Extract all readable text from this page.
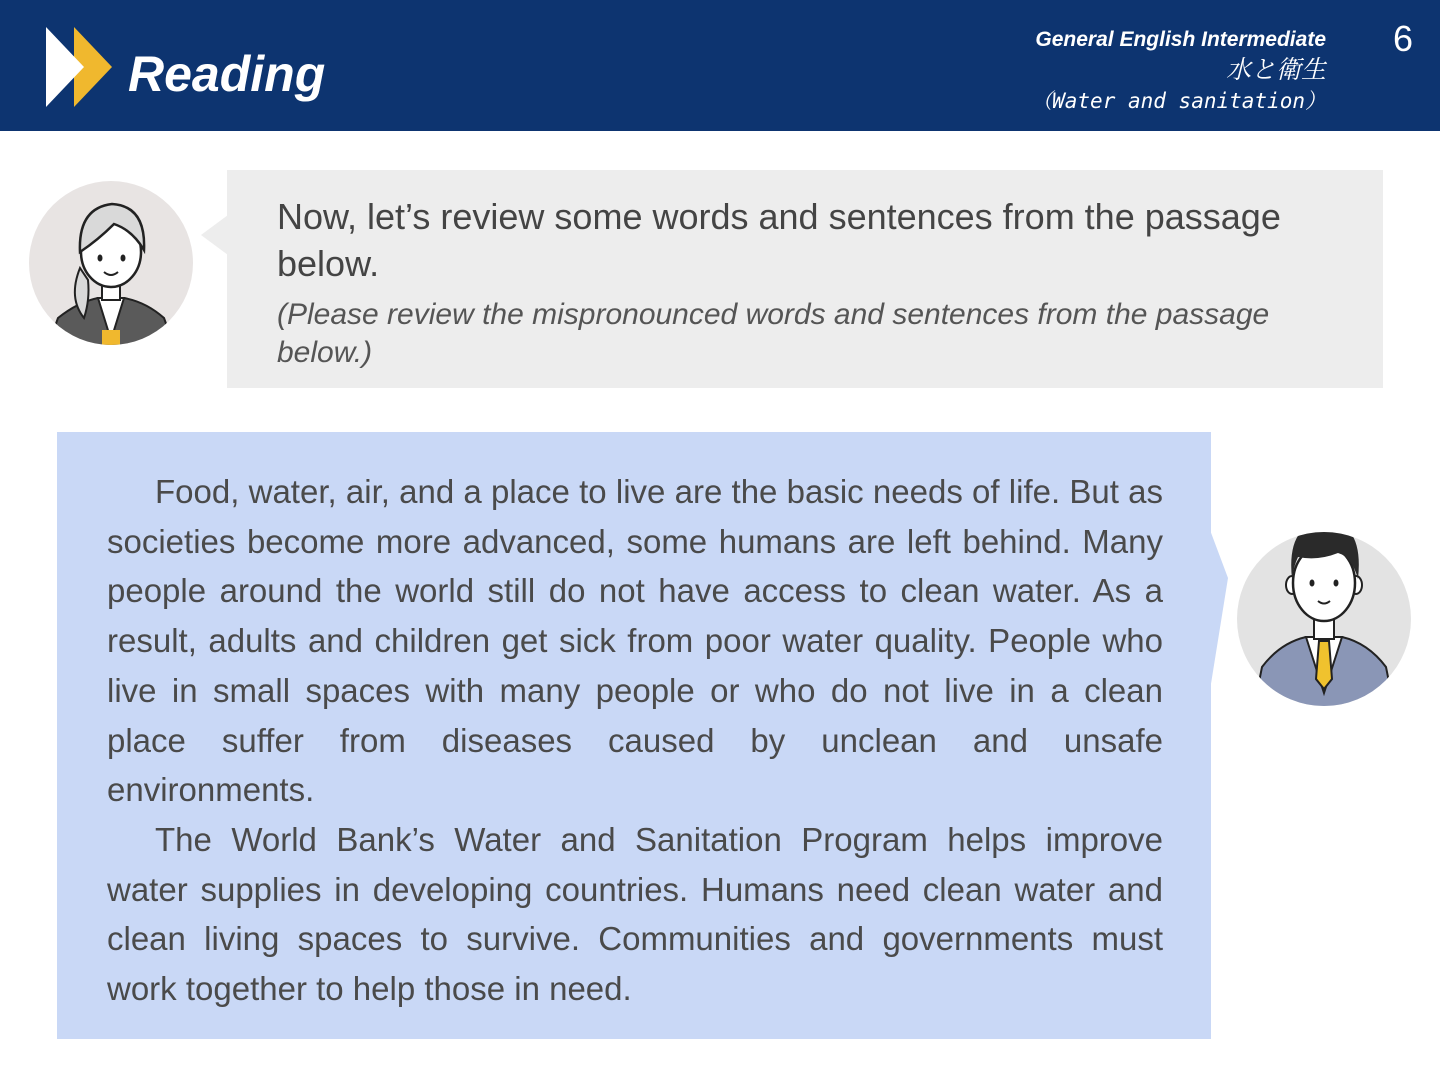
Reading
General English Intermediate
水と衛生
（Water and sanitation）
6
Now, let’s review some words and sentences from the passage below.
(Please review the mispronounced words and sentences from the passage below.)

Food, water, air, and a place to live are the basic needs of life. But as societies become more advanced, some humans are left behind. Many people around the world still do not have access to clean water. As a result, adults and children get sick from poor water quality. People who live in small spaces with many people or who do not live in a clean place suffer from diseases caused by unclean and unsafe environments.

The World Bank’s Water and Sanitation Program helps improve water supplies in developing countries. Humans need clean water and clean living spaces to survive. Communities and governments must work together to help those in need.
